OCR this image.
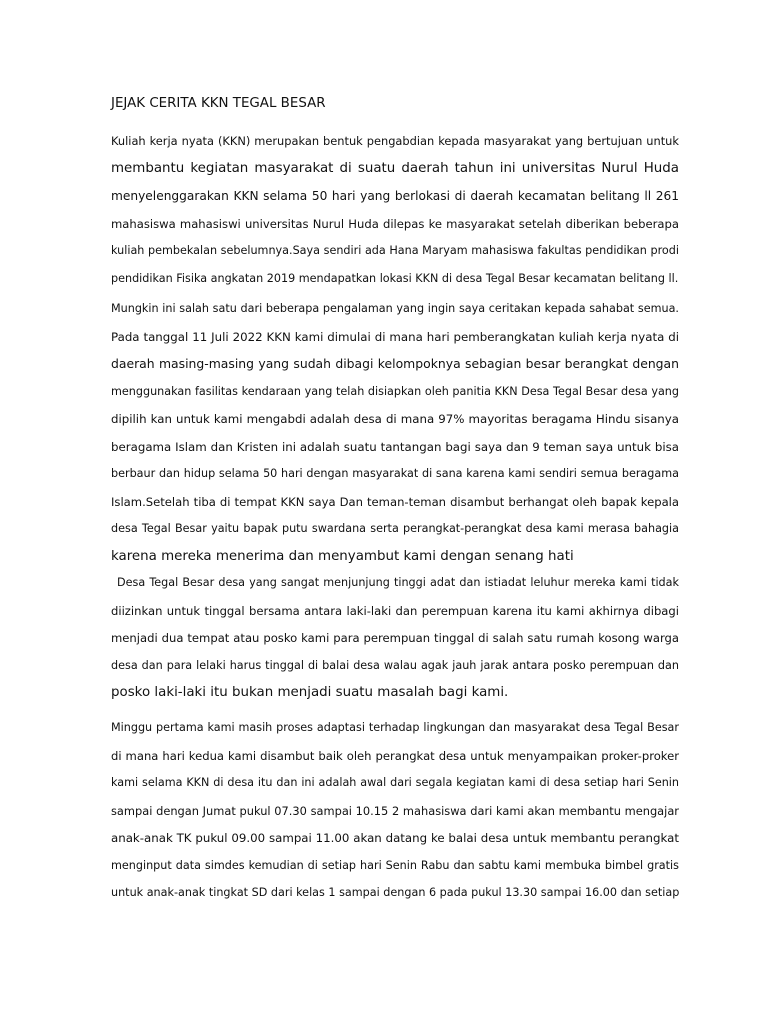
JEJAK CERITA KKN TEGAL BESAR
Kuliah kerja nyata (KKN) merupakan bentuk pengabdian kepada masyarakat yang bertujuan untuk
membantu kegiatan masyarakat di suatu daerah tahun ini universitas Nurul Huda
menyelenggarakan KKN selama 50 hari yang berlokasi di daerah kecamatan belitang ll 261
mahasiswa mahasiswi universitas Nurul Huda dilepas ke masyarakat setelah diberikan beberapa
kuliah pembekalan sebelumnya.Saya sendiri ada Hana Maryam mahasiswa fakultas pendidikan prodi
pendidikan Fisika angkatan 2019 mendapatkan lokasi KKN di desa Tegal Besar kecamatan belitang ll.
Mungkin ini salah satu dari beberapa pengalaman yang ingin saya ceritakan kepada sahabat semua.
Pada tanggal 11 Juli 2022 KKN kami dimulai di mana hari pemberangkatan kuliah kerja nyata di
daerah masing-masing yang sudah dibagi kelompoknya sebagian besar berangkat dengan
menggunakan fasilitas kendaraan yang telah disiapkan oleh panitia KKN Desa Tegal Besar desa yang
dipilih kan untuk kami mengabdi adalah desa di mana 97% mayoritas beragama Hindu sisanya
beragama Islam dan Kristen ini adalah suatu tantangan bagi saya dan 9 teman saya untuk bisa
berbaur dan hidup selama 50 hari dengan masyarakat di sana karena kami sendiri semua beragama
Islam.Setelah tiba di tempat KKN saya Dan teman-teman disambut berhangat oleh bapak kepala
desa Tegal Besar yaitu bapak putu swardana serta perangkat-perangkat desa kami merasa bahagia
karena mereka menerima dan menyambut kami dengan senang hati
Desa Tegal Besar desa yang sangat menjunjung tinggi adat dan istiadat leluhur mereka kami tidak
diizinkan untuk tinggal bersama antara laki-laki dan perempuan karena itu kami akhirnya dibagi
menjadi dua tempat atau posko kami para perempuan tinggal di salah satu rumah kosong warga
desa dan para lelaki harus tinggal di balai desa walau agak jauh jarak antara posko perempuan dan
posko laki-laki itu bukan menjadi suatu masalah bagi kami.
Minggu pertama kami masih proses adaptasi terhadap lingkungan dan masyarakat desa Tegal Besar
di mana hari kedua kami disambut baik oleh perangkat desa untuk menyampaikan proker-proker
kami selama KKN di desa itu dan ini adalah awal dari segala kegiatan kami di desa setiap hari Senin
sampai dengan Jumat pukul 07.30 sampai 10.15 2 mahasiswa dari kami akan membantu mengajar
anak-anak TK pukul 09.00 sampai 11.00 akan datang ke balai desa untuk membantu perangkat
menginput data simdes kemudian di setiap hari Senin Rabu dan sabtu kami membuka bimbel gratis
untuk anak-anak tingkat SD dari kelas 1 sampai dengan 6 pada pukul 13.30 sampai 16.00 dan setiap
